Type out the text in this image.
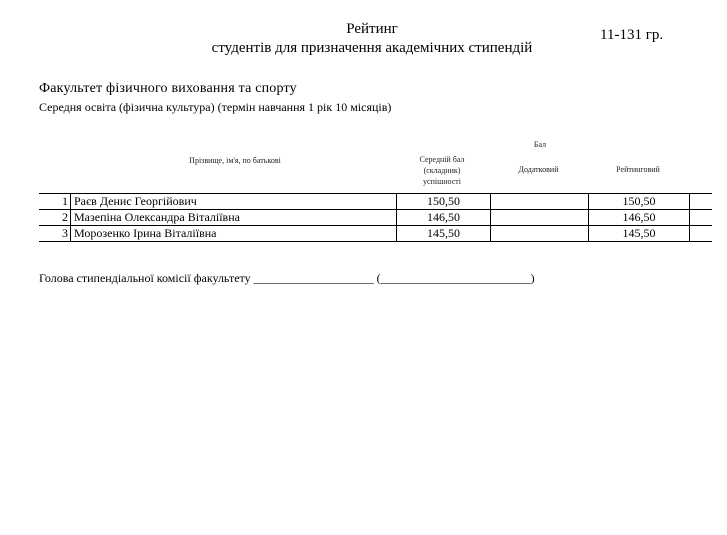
Рейтинг
студентів для призначення академічних стипендій
11-131 гр.
Факультет фізичного виховання та спорту
Середня освіта (фізична культура) (термін навчання 1 рік 10 місяців)
Прізвище, ім'я, по батькові
Бал
Середній бал
(складник)
успішності
Додатковий	Рейтинговий
1	Раєв Денис Георгійович	150,50		150,50	
2	Мазепіна Олександра Віталіївна	146,50		146,50	
3	Морозенко Ірина Віталіївна	145,50		145,50	
Голова стипендіальної комісії факультету ____________________ (_________________________)
